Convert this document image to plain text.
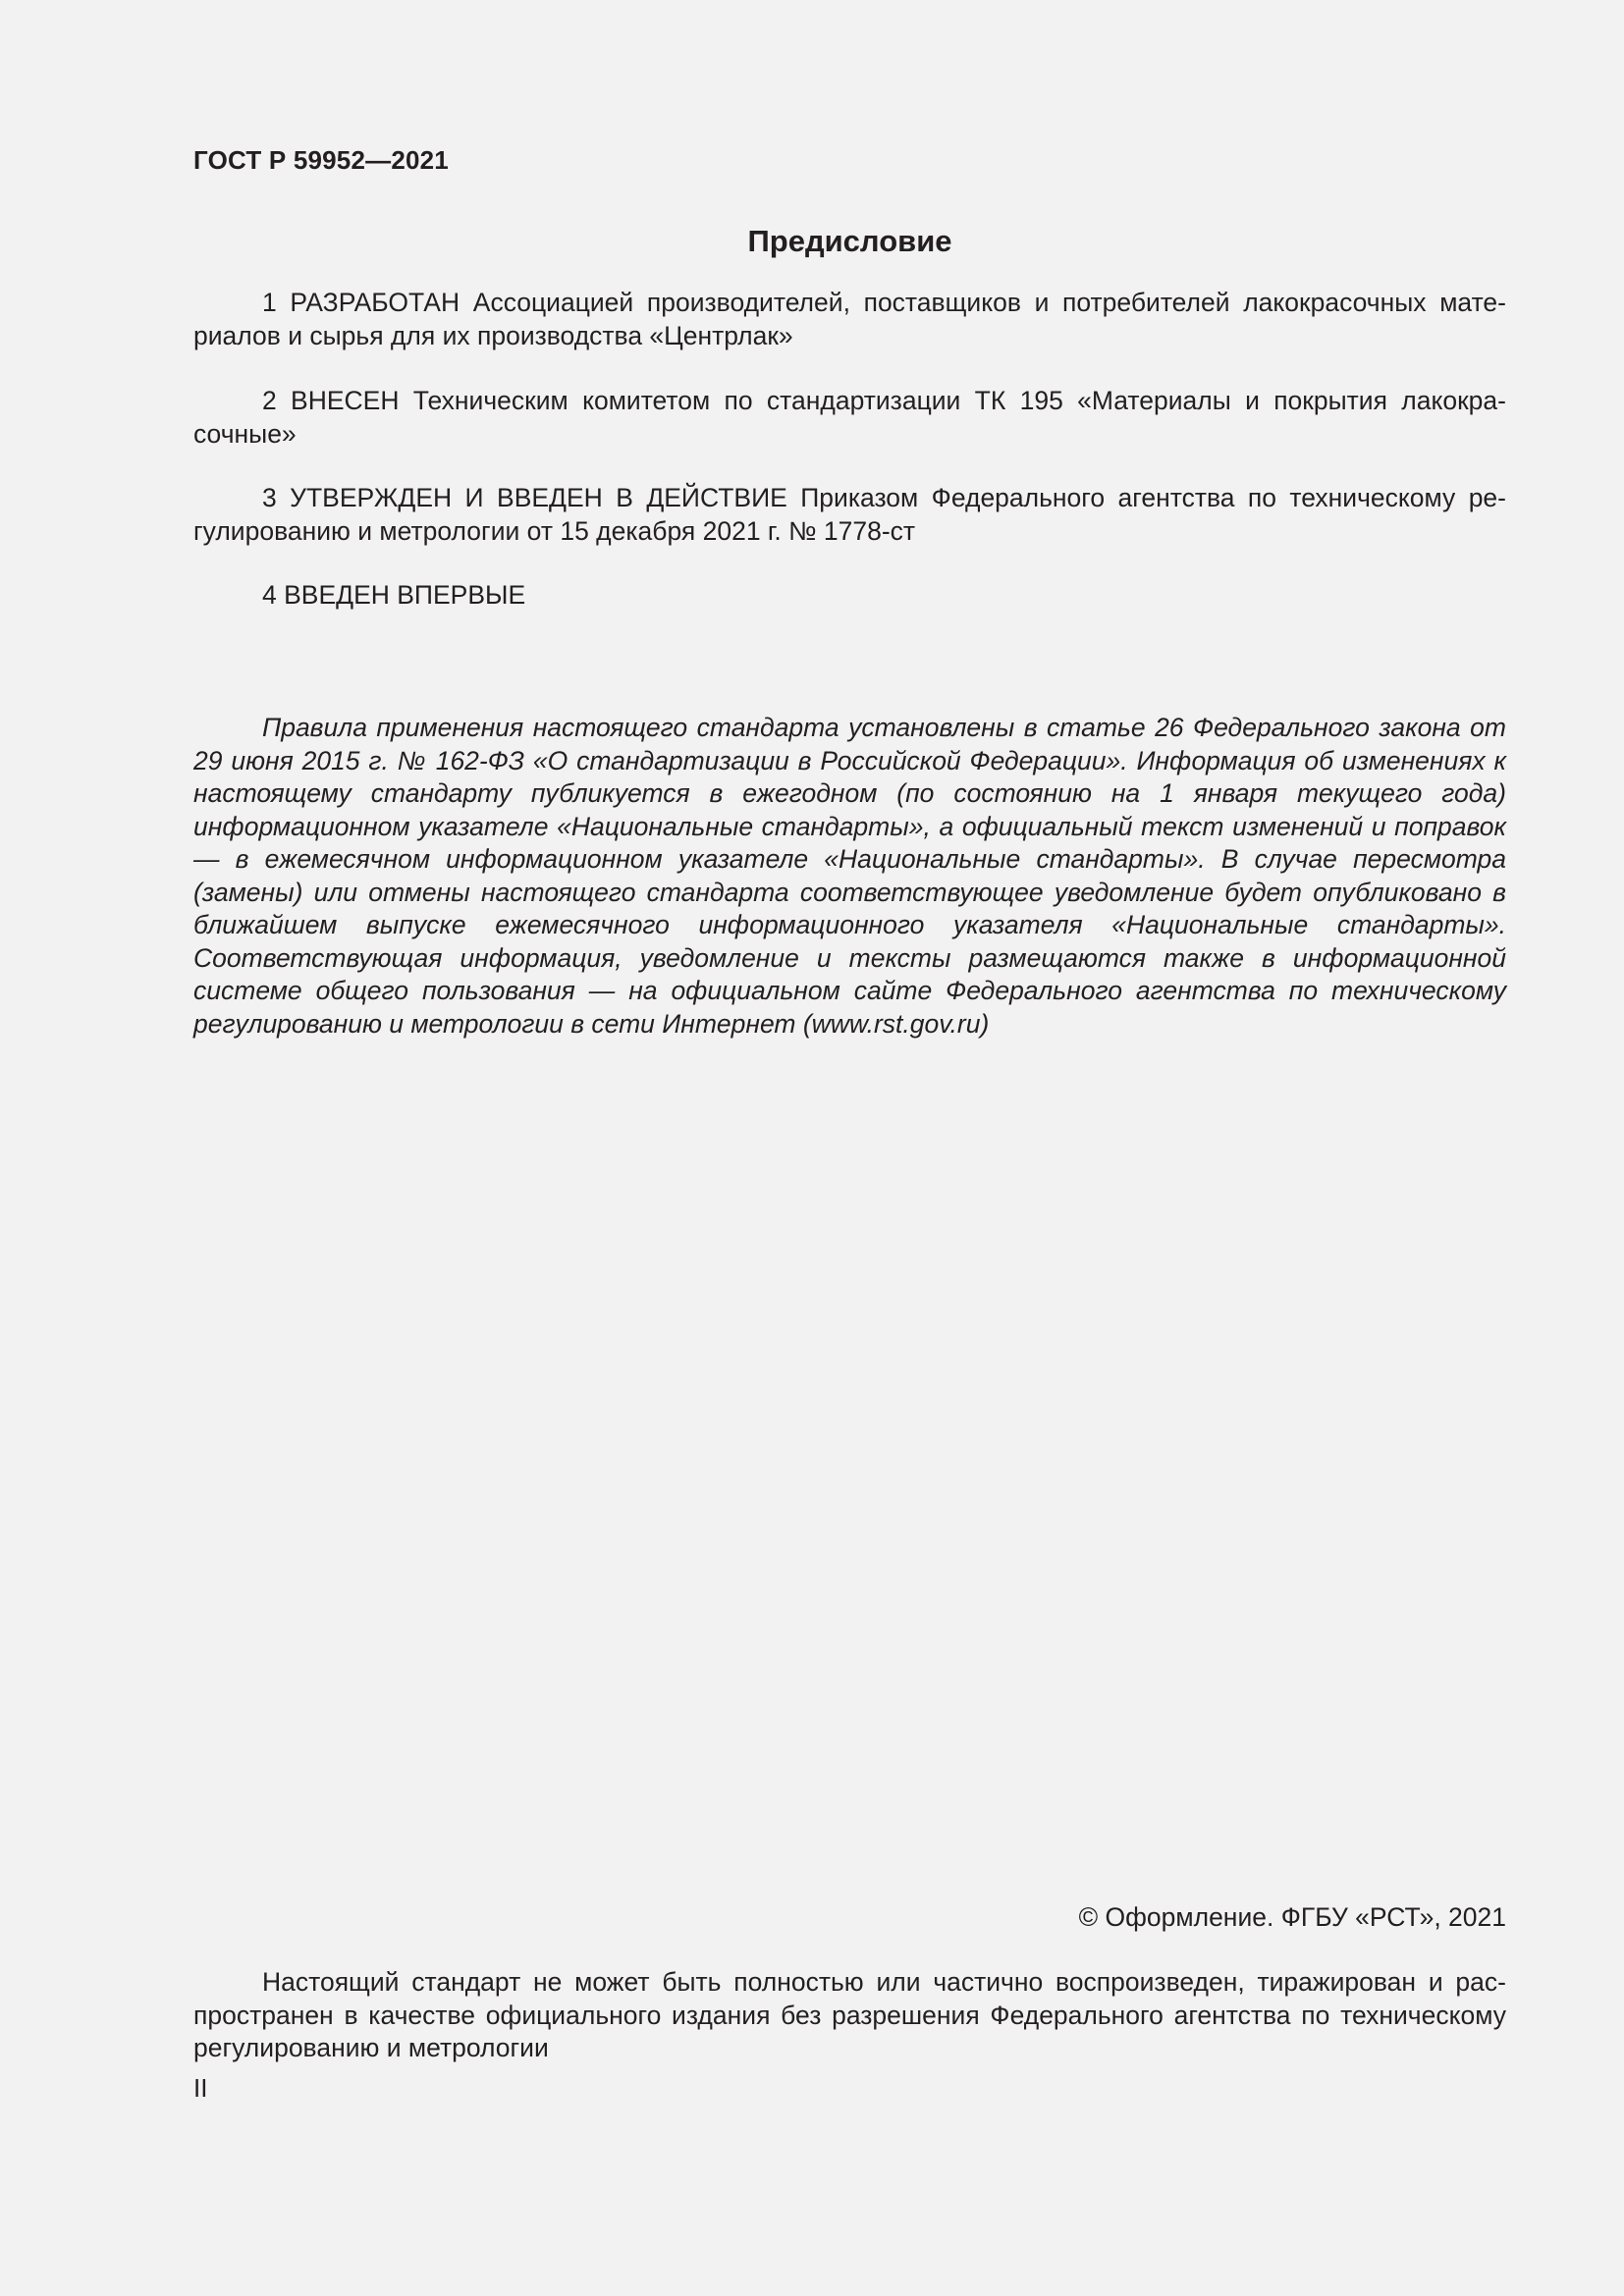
ГОСТ Р 59952—2021
Предисловие

1 РАЗРАБОТАН Ассоциацией производителей, поставщиков и потребителей лакокрасочных материалов и сырья для их производства «Центрлак»

2 ВНЕСЕН Техническим комитетом по стандартизации ТК 195 «Материалы и покрытия лакокрасочные»

3 УТВЕРЖДЕН И ВВЕДЕН В ДЕЙСТВИЕ Приказом Федерального агентства по техническому регулированию и метрологии от 15 декабря 2021 г. № 1778-ст

4 ВВЕДЕН ВПЕРВЫЕ

Правила применения настоящего стандарта установлены в статье 26 Федерального закона от 29 июня 2015 г. № 162-ФЗ «О стандартизации в Российской Федерации». Информация об изменениях к настоящему стандарту публикуется в ежегодном (по состоянию на 1 января текущего года) информационном указателе «Национальные стандарты», а официальный текст изменений и поправок — в ежемесячном информационном указателе «Национальные стандарты». В случае пересмотра (замены) или отмены настоящего стандарта соответствующее уведомление будет опубликовано в ближайшем выпуске ежемесячного информационного указателя «Национальные стандарты». Соответствующая информация, уведомление и тексты размещаются также в информационной системе общего пользования — на официальном сайте Федерального агентства по техническому регулированию и метрологии в сети Интернет (www.rst.gov.ru)

© Оформление. ФГБУ «РСТ», 2021

Настоящий стандарт не может быть полностью или частично воспроизведен, тиражирован и распространен в качестве официального издания без разрешения Федерального агентства по техническому регулированию и метрологии

II
